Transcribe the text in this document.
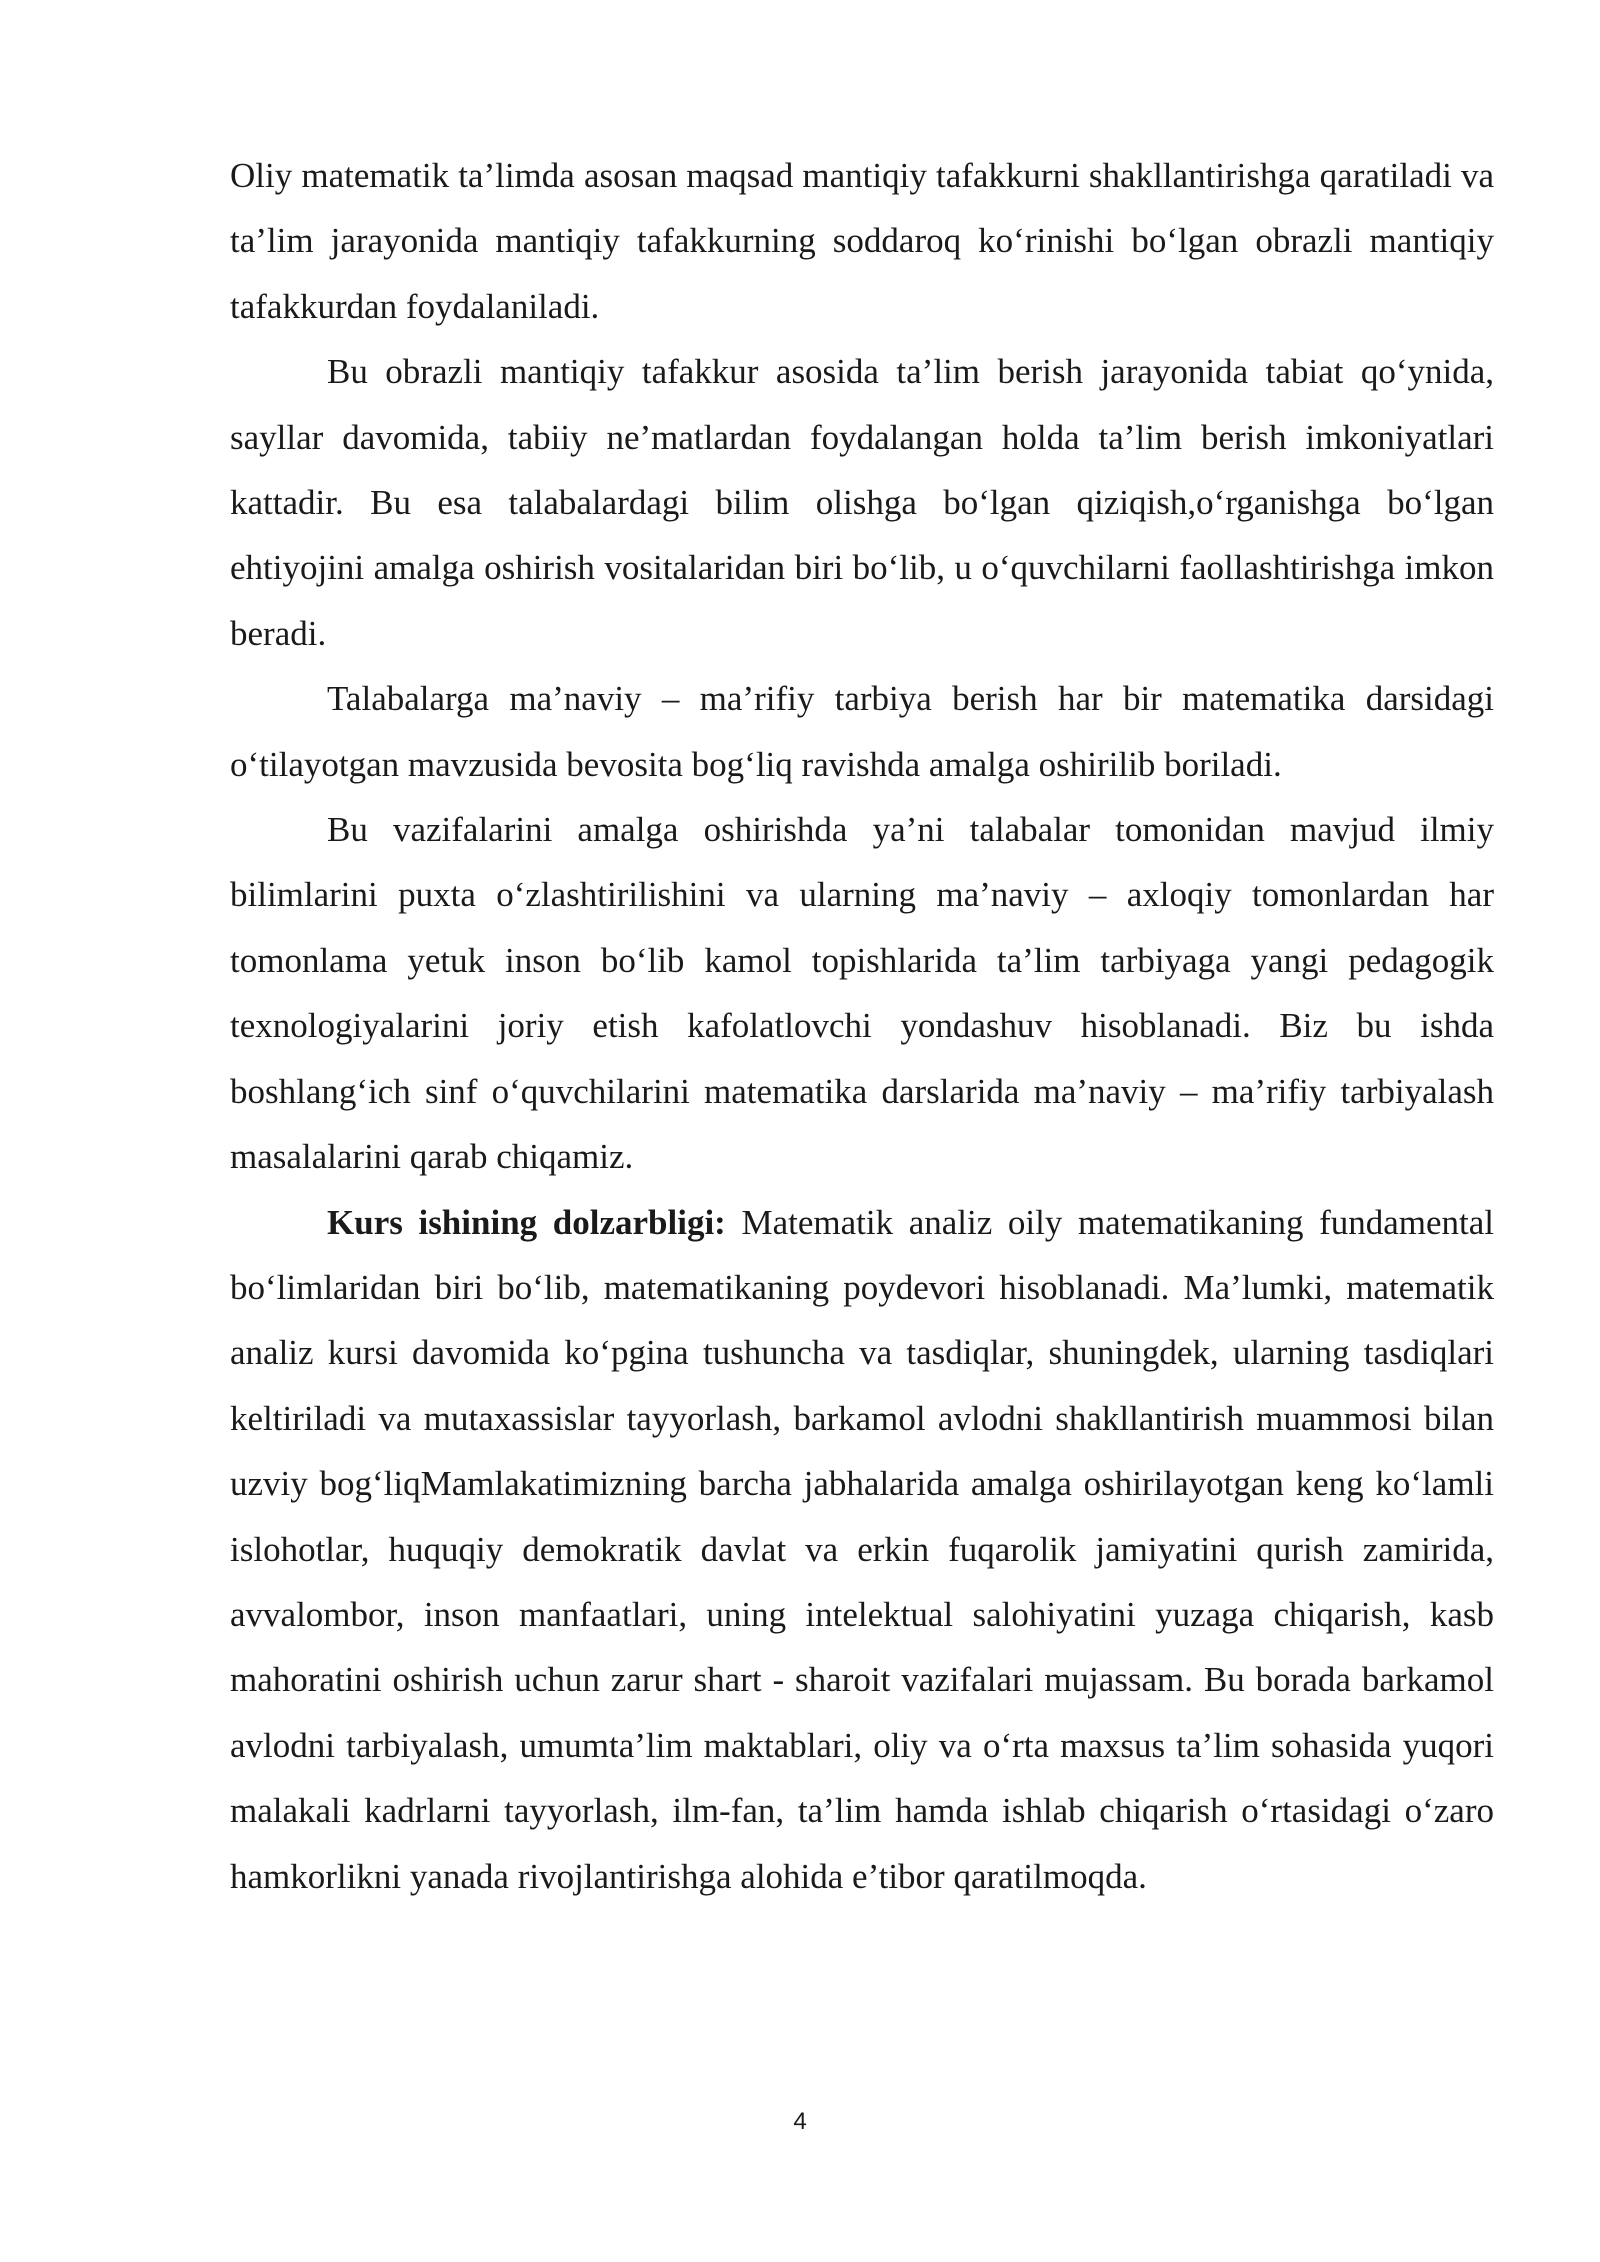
Oliy matematik ta’limda asosan maqsad mantiqiy tafakkurni shakllantirishga qaratiladi va ta’lim jarayonida mantiqiy tafakkurning soddaroq ko‘rinishi bo‘lgan obrazli mantiqiy tafakkurdan foydalaniladi.

Bu obrazli mantiqiy tafakkur asosida ta’lim berish jarayonida tabiat qo‘ynida, sayllar davomida, tabiiy ne’matlardan foydalangan holda ta’lim berish imkoniyatlari kattadir. Bu esa talabalardagi bilim olishga bo‘lgan qiziqish,o‘rganishga bo‘lgan ehtiyojini amalga oshirish vositalaridan biri bo‘lib, u o‘quvchilarni faollashtirishga imkon beradi.

Talabalarga ma’naviy – ma’rifiy tarbiya berish har bir matematika darsidagi o‘tilayotgan mavzusida bevosita bog‘liq ravishda amalga oshirilib boriladi.

Bu vazifalarini amalga oshirishda ya’ni talabalar tomonidan mavjud ilmiy bilimlarini puxta o‘zlashtirilishini va ularning ma’naviy – axloqiy tomonlardan har tomonlama yetuk inson bo‘lib kamol topishlarida ta’lim tarbiyaga yangi pedagogik texnologiyalarini joriy etish kafolatlovchi yondashuv hisoblanadi. Biz bu ishda boshlang‘ich sinf o‘quvchilarini matematika darslarida ma’naviy – ma’rifiy tarbiyalash masalalarini qarab chiqamiz.

Kurs ishining dolzarbligi: Matematik analiz oily matematikaning fundamental bo‘limlaridan biri bo‘lib, matematikaning poydevori hisoblanadi. Ma’lumki, matematik analiz kursi davomida ko‘pgina tushuncha va tasdiqlar, shuningdek, ularning tasdiqlari keltiriladi va mutaxassislar tayyorlash, barkamol avlodni shakllantirish muammosi bilan uzviy bog‘liqMamlakatimizning barcha jabhalarida amalga oshirilayotgan keng ko‘lamli islohotlar, huquqiy demokratik davlat va erkin fuqarolik jamiyatini qurish zamirida, avvalombor, inson manfaatlari, uning intelektual salohiyatini yuzaga chiqarish, kasb mahoratini oshirish uchun zarur shart - sharoit vazifalari mujassam. Bu borada barkamol avlodni tarbiyalash, umumta’lim maktablari, oliy va o‘rta maxsus ta’lim sohasida yuqori malakali kadrlarni tayyorlash, ilm-fan, ta’lim hamda ishlab chiqarish o‘rtasidagi o‘zaro hamkorlikni yanada rivojlantirishga alohida e’tibor qaratilmoqda.

4
